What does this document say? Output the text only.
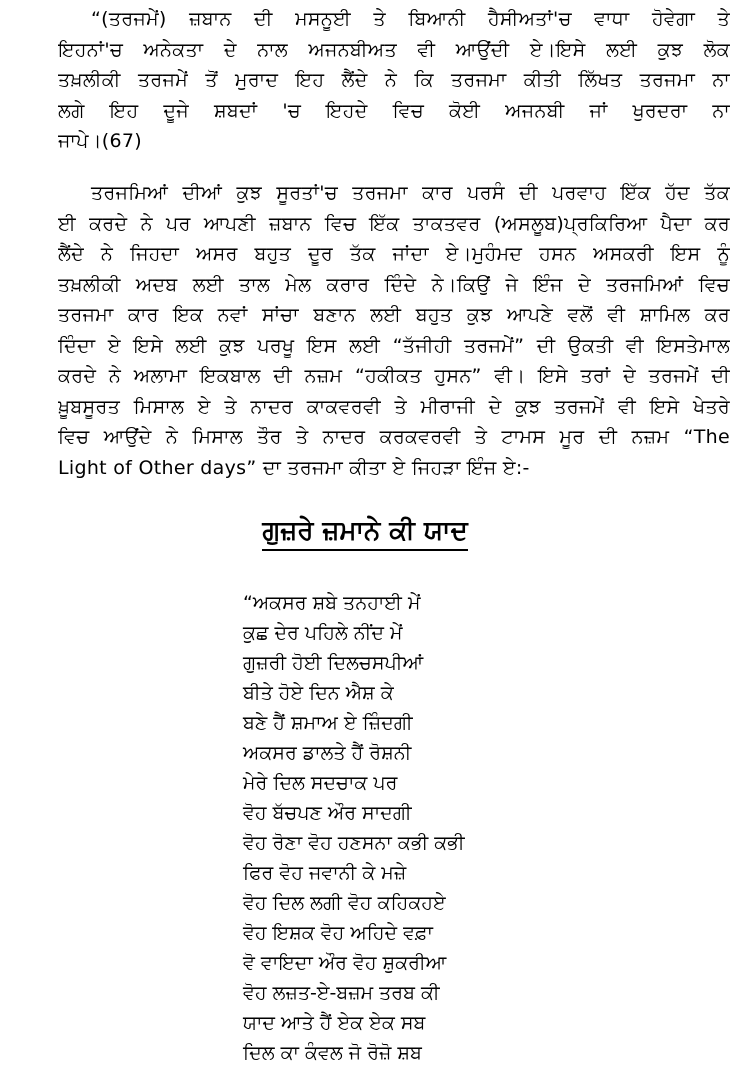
“(ਤਰਜਮੇਂ) ਜ਼ਬਾਨ ਦੀ ਮਸਨੂਈ ਤੇ ਬਿਆਨੀ ਹੈਸੀਅਤਾਂ'ਚ ਵਾਧਾ ਹੋਵੇਗਾ ਤੇ
ਇਹਨਾਂ'ਚ ਅਨੇਕਤਾ ਦੇ ਨਾਲ ਅਜਨਬੀਅਤ ਵੀ ਆਉਂਦੀ ਏ।ਇਸੇ ਲਈ ਕੁਝ ਲੋਕ
ਤਖ਼ਲੀਕੀ ਤਰਜਮੇਂ ਤੋਂ ਮੁਰਾਦ ਇਹ ਲੈਂਦੇ ਨੇ ਕਿ ਤਰਜਮਾ ਕੀਤੀ ਲਿੱਖਤ ਤਰਜਮਾ ਨਾ
ਲਗੇ ਇਹ ਦੂਜੇ ਸ਼ਬਦਾਂ 'ਚ ਇਹਦੇ ਵਿਚ ਕੋਈ ਅਜਨਬੀ ਜਾਂ ਖੁਰਦਰਾ ਨਾ
ਜਾਪੇ।(67)
ਤਰਜਮਿਆਂ ਦੀਆਂ ਕੁਝ ਸੂਰਤਾਂ'ਚ ਤਰਜਮਾ ਕਾਰ ਪਰਸੰ ਦੀ ਪਰਵਾਹ ਇੱਕ ਹੱਦ ਤੱਕ
ਈ ਕਰਦੇ ਨੇ ਪਰ ਆਪਣੀ ਜ਼ਬਾਨ ਵਿਚ ਇੱਕ ਤਾਕਤਵਰ (ਅਸਲੂਬ)ਪ੍ਰਕਿਰਿਆ ਪੈਦਾ ਕਰ
ਲੈਂਦੇ ਨੇ ਜਿਹਦਾ ਅਸਰ ਬਹੁਤ ਦੂਰ ਤੱਕ ਜਾਂਦਾ ਏ।ਮੁਹੰਮਦ ਹਸਨ ਅਸਕਰੀ ਇਸ ਨੂੰ
ਤਖ਼ਲੀਕੀ ਅਦਬ ਲਈ ਤਾਲ ਮੇਲ ਕਰਾਰ ਦਿੰਦੇ ਨੇ।ਕਿਉਂ ਜੇ ਇੰਜ ਦੇ ਤਰਜਮਿਆਂ ਵਿਚ
ਤਰਜਮਾ ਕਾਰ ਇਕ ਨਵਾਂ ਸਾਂਚਾ ਬਣਾਨ ਲਈ ਬਹੁਤ ਕੁਝ ਆਪਣੇ ਵਲੋਂ ਵੀ ਸ਼ਾਮਿਲ ਕਰ
ਦਿੰਦਾ ਏ ਇਸੇ ਲਈ ਕੁਝ ਪਰਖੂ ਇਸ ਲਈ “ਤੱਜੀਹੀ ਤਰਜਮੇਂ” ਦੀ ਉਕਤੀ ਵੀ ਇਸਤੇਮਾਲ
ਕਰਦੇ ਨੇ ਅਲਾਮਾ ਇਕਬਾਲ ਦੀ ਨਜ਼ਮ “ਹਕੀਕਤ ਹੁਸਨ” ਵੀ। ਇਸੇ ਤਰਾਂ ਦੇ ਤਰਜਮੇਂ ਦੀ
ਖ਼ੂਬਸੂਰਤ ਮਿਸਾਲ ਏ ਤੇ ਨਾਦਰ ਕਾਕਵਰਵੀ ਤੇ ਮੀਰਾਜੀ ਦੇ ਕੁਝ ਤਰਜਮੇਂ ਵੀ ਇਸੇ ਖੇਤਰੇ
ਵਿਚ ਆਉਂਦੇ ਨੇ ਮਿਸਾਲ ਤੌਰ ਤੇ ਨਾਦਰ ਕਰਕਵਰਵੀ ਤੇ ਟਾਮਸ ਮੂਰ ਦੀ ਨਜ਼ਮ “The
Light of Other days” ਦਾ ਤਰਜਮਾ ਕੀਤਾ ਏ ਜਿਹੜਾ ਇੰਜ ਏ:-
ਗੁਜ਼ਰੇ ਜ਼ਮਾਨੇ ਕੀ ਯਾਦ
“ਅਕਸਰ ਸ਼ਬੇ ਤਨਹਾਈ ਮੇਂ
ਕੁਛ ਦੇਰ ਪਹਿਲੇ ਨੀਂਦ ਮੇਂ
ਗੁਜ਼ਰੀ ਹੋਈ ਦਿਲਚਸਪੀਆਂ
ਬੀਤੇ ਹੋਏ ਦਿਨ ਐਸ਼ ਕੇ
ਬਣੇ ਹੈਂ ਸ਼ਮਾਅ ਏ ਜ਼ਿੰਦਗੀ
ਅਕਸਰ ਡਾਲਤੇ ਹੈਂ ਰੋਸ਼ਨੀ
ਮੇਰੇ ਦਿਲ ਸਦਚਾਕ ਪਰ
ਵੋਹ ਬੱਚਪਣ ਔਰ ਸਾਦਗੀ
ਵੋਹ ਰੋਣਾ ਵੋਹ ਹਣਸਨਾ ਕਭੀ ਕਭੀ
ਫਿਰ ਵੋਹ ਜਵਾਨੀ ਕੇ ਮਜ਼ੇ
ਵੋਹ ਦਿਲ ਲਗੀ ਵੋਹ ਕਹਿਕਹਏ
ਵੋਹ ਇਸ਼ਕ ਵੋਹ ਅਹਿਦੇ ਵਫ਼ਾ
ਵੋ ਵਾਇਦਾ ਔਰ ਵੋਹ ਸ਼ੁਕਰੀਆ
ਵੋਹ ਲਜ਼ਤ-ਏ-ਬਜ਼ਮ ਤਰਬ ਕੀ
ਯਾਦ ਆਤੇ ਹੈਂ ਏਕ ਏਕ ਸਬ
ਦਿਲ ਕਾ ਕੰਵਲ ਜੋ ਰੋਜ਼ੋ ਸ਼ਬ
